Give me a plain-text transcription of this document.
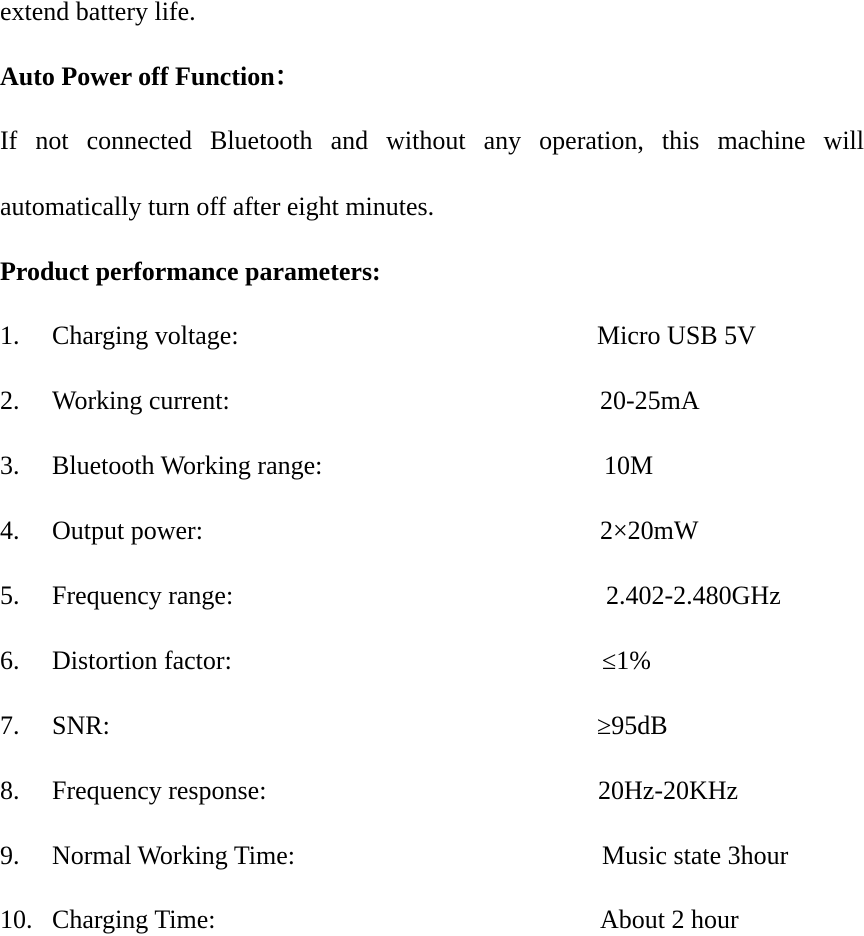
extend battery life.
Auto Power off Function：
If not connected Bluetooth and without any operation, this machine will
automatically turn off after eight minutes.
Product performance parameters:
1. Charging voltage:	Micro USB 5V
2. Working current:	20-25mA
3. Bluetooth Working range:	10M
4. Output power:	2×20mW
5. Frequency range:	2.402-2.480GHz
6. Distortion factor:	≤1%
7. SNR:	≥95dB
8. Frequency response:	20Hz-20KHz
9. Normal Working Time:	Music state 3hour
10. Charging Time:	About 2 hour
